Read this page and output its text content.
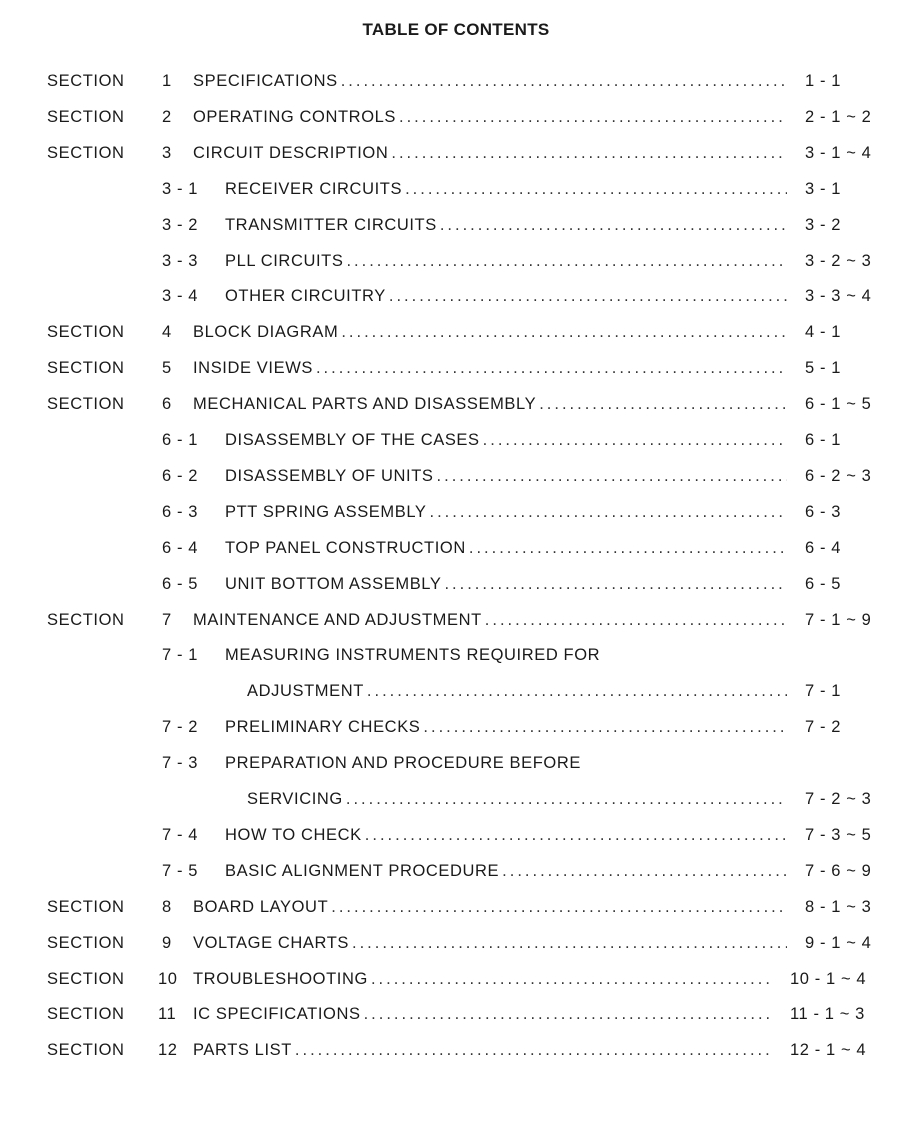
TABLE OF CONTENTS
SECTION 1 SPECIFICATIONS .....	1 - 1
SECTION 2 OPERATING CONTROLS .....	2 - 1 ~ 2
SECTION 3 CIRCUIT DESCRIPTION .....	3 - 1 ~ 4
3 - 1 RECEIVER CIRCUITS .....	3 - 1
3 - 2 TRANSMITTER CIRCUITS .....	3 - 2
3 - 3 PLL CIRCUITS .....	3 - 2 ~ 3
3 - 4 OTHER CIRCUITRY .....	3 - 3 ~ 4
SECTION 4 BLOCK DIAGRAM .....	4 - 1
SECTION 5 INSIDE VIEWS .....	5 - 1
SECTION 6 MECHANICAL PARTS AND DISASSEMBLY .....	6 - 1 ~ 5
6 - 1 DISASSEMBLY OF THE CASES .....	6 - 1
6 - 2 DISASSEMBLY OF UNITS .....	6 - 2 ~ 3
6 - 3 PTT SPRING ASSEMBLY .....	6 - 3
6 - 4 TOP PANEL CONSTRUCTION .....	6 - 4
6 - 5 UNIT BOTTOM ASSEMBLY .....	6 - 5
SECTION 7 MAINTENANCE AND ADJUSTMENT .....	7 - 1 ~ 9
7 - 1 MEASURING INSTRUMENTS REQUIRED FOR
ADJUSTMENT .....	7 - 1
7 - 2 PRELIMINARY CHECKS .....	7 - 2
7 - 3 PREPARATION AND PROCEDURE BEFORE
SERVICING .....	7 - 2 ~ 3
7 - 4 HOW TO CHECK .....	7 - 3 ~ 5
7 - 5 BASIC ALIGNMENT PROCEDURE .....	7 - 6 ~ 9
SECTION 8 BOARD LAYOUT .....	8 - 1 ~ 3
SECTION 9 VOLTAGE CHARTS .....	9 - 1 ~ 4
SECTION 10 TROUBLESHOOTING .....	10 - 1 ~ 4
SECTION 11 IC SPECIFICATIONS .....	11 - 1 ~ 3
SECTION 12 PARTS LIST .....	12 - 1 ~ 4
